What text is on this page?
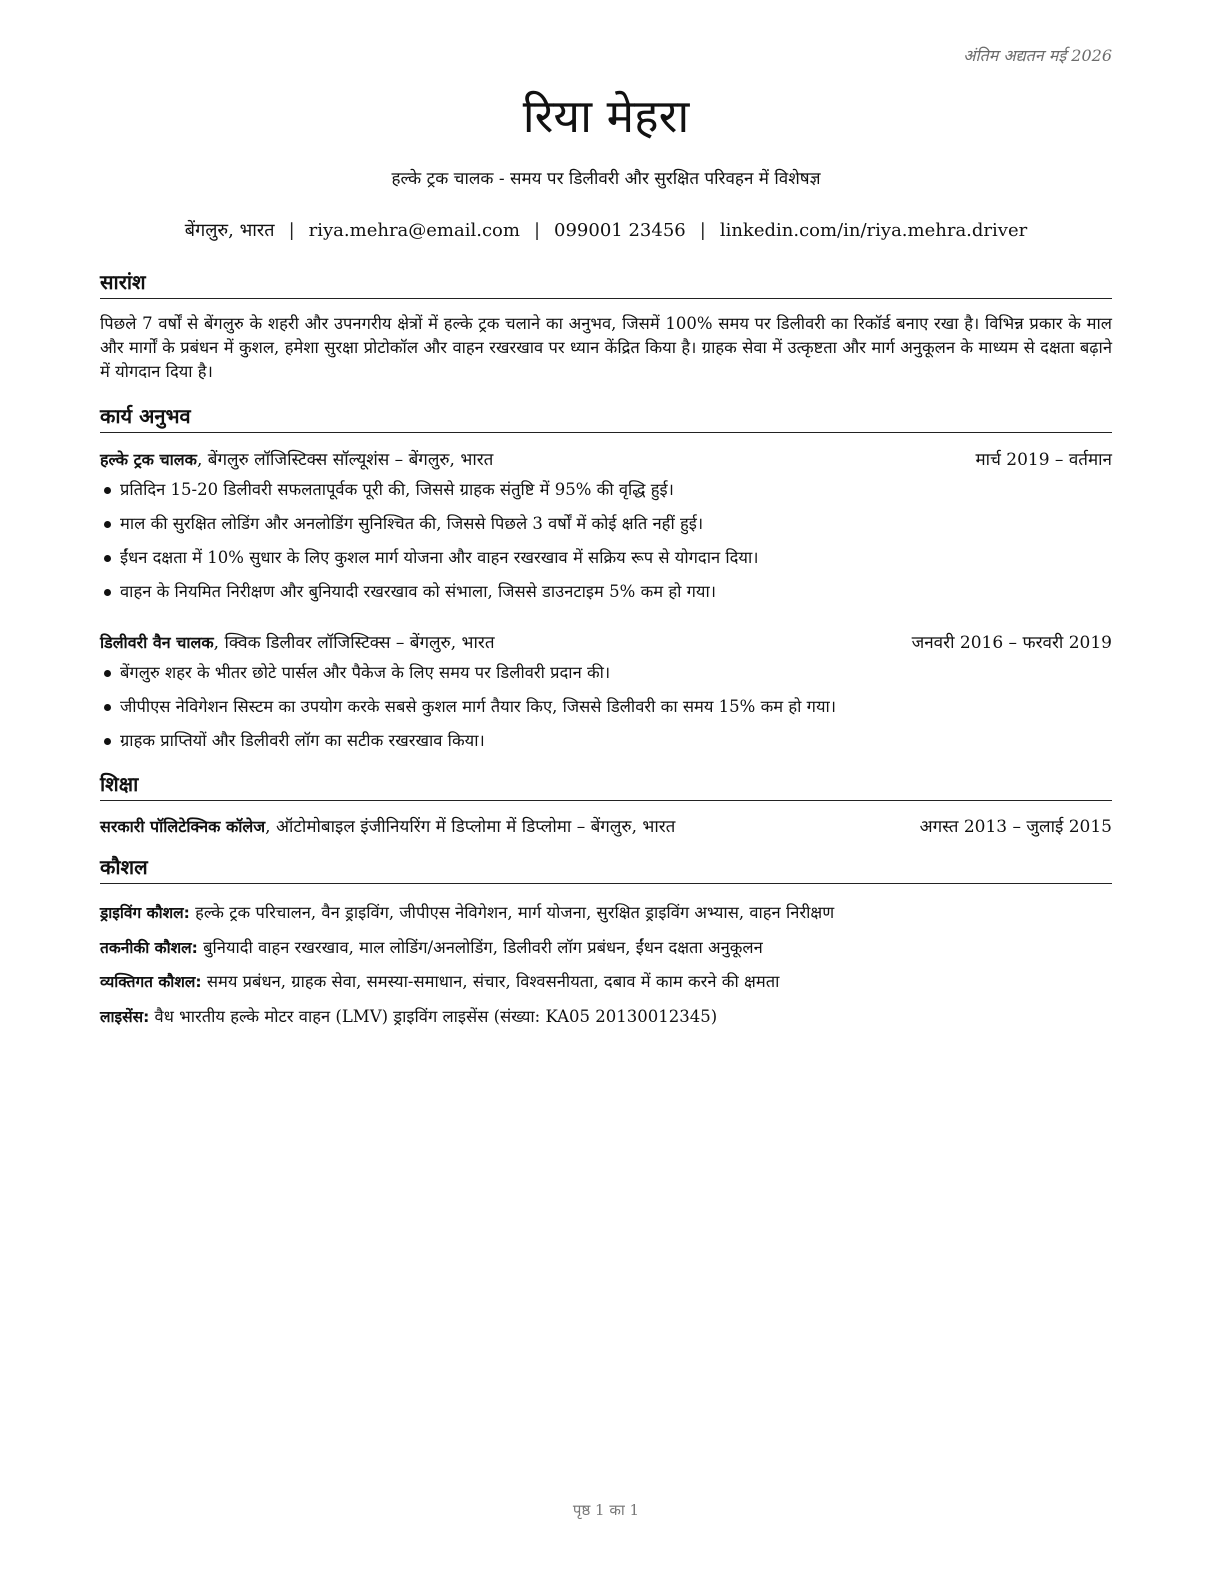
अंतिम अद्यतन मई 2026
रिया मेहरा
हल्के ट्रक चालक - समय पर डिलीवरी और सुरक्षित परिवहन में विशेषज्ञ
बेंगलुरु, भारत | riya.mehra@email.com | 099001 23456 | linkedin.com/in/riya.mehra.driver
सारांश

पिछले 7 वर्षों से बेंगलुरु के शहरी और उपनगरीय क्षेत्रों में हल्के ट्रक चलाने का अनुभव, जिसमें 100% समय पर डिलीवरी का रिकॉर्ड बनाए रखा है। विभिन्न प्रकार के माल और मार्गों के प्रबंधन में कुशल, हमेशा सुरक्षा प्रोटोकॉल और वाहन रखरखाव पर ध्यान केंद्रित किया है। ग्राहक सेवा में उत्कृष्टता और मार्ग अनुकूलन के माध्यम से दक्षता बढ़ाने में योगदान दिया है।

कार्य अनुभव
हल्के ट्रक चालक, बेंगलुरु लॉजिस्टिक्स सॉल्यूशंस – बेंगलुरु, भारत	मार्च 2019 – वर्तमान
प्रतिदिन 15-20 डिलीवरी सफलतापूर्वक पूरी की, जिससे ग्राहक संतुष्टि में 95% की वृद्धि हुई।
माल की सुरक्षित लोडिंग और अनलोडिंग सुनिश्चित की, जिससे पिछले 3 वर्षों में कोई क्षति नहीं हुई।
ईंधन दक्षता में 10% सुधार के लिए कुशल मार्ग योजना और वाहन रखरखाव में सक्रिय रूप से योगदान दिया।
वाहन के नियमित निरीक्षण और बुनियादी रखरखाव को संभाला, जिससे डाउनटाइम 5% कम हो गया।
डिलीवरी वैन चालक, क्विक डिलीवर लॉजिस्टिक्स – बेंगलुरु, भारत	जनवरी 2016 – फरवरी 2019
बेंगलुरु शहर के भीतर छोटे पार्सल और पैकेज के लिए समय पर डिलीवरी प्रदान की।
जीपीएस नेविगेशन सिस्टम का उपयोग करके सबसे कुशल मार्ग तैयार किए, जिससे डिलीवरी का समय 15% कम हो गया।
ग्राहक प्राप्तियों और डिलीवरी लॉग का सटीक रखरखाव किया।
शिक्षा
सरकारी पॉलिटेक्निक कॉलेज, ऑटोमोबाइल इंजीनियरिंग में डिप्लोमा में डिप्लोमा – बेंगलुरु, भारत	अगस्त 2013 – जुलाई 2015
कौशल
ड्राइविंग कौशल: हल्के ट्रक परिचालन, वैन ड्राइविंग, जीपीएस नेविगेशन, मार्ग योजना, सुरक्षित ड्राइविंग अभ्यास, वाहन निरीक्षण
तकनीकी कौशल: बुनियादी वाहन रखरखाव, माल लोडिंग/अनलोडिंग, डिलीवरी लॉग प्रबंधन, ईंधन दक्षता अनुकूलन
व्यक्तिगत कौशल: समय प्रबंधन, ग्राहक सेवा, समस्या-समाधान, संचार, विश्वसनीयता, दबाव में काम करने की क्षमता
लाइसेंस: वैध भारतीय हल्के मोटर वाहन (LMV) ड्राइविंग लाइसेंस (संख्या: KA05 20130012345)
पृष्ठ 1 का 1
